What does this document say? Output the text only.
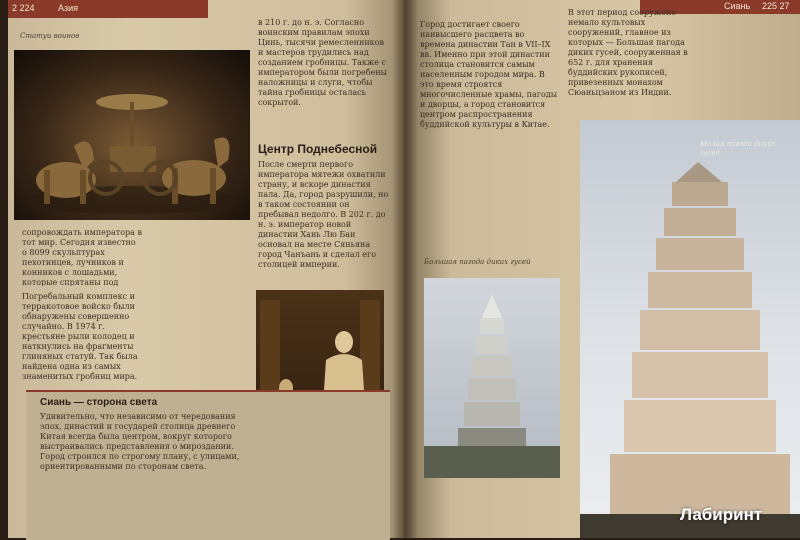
2 224	Азия	Сиань 225 27
Статуи воинов

сопровождать императора в тот мир. Сегодня известно о 8099 скульптурах пехотинцев, лучников и конников с лошадьми, которые спрятаны под

Погребальный комплекс и терракотовое войско были обнаружены совершенно случайно. В 1974 г. крестьяне рыли колодец и наткнулись на фрагменты глиняных статуй. Так была найдена одна из самых знаменитых гробниц мира.

в 210 г. до н. э. Согласно воинским правилам эпохи Цинь, тысячи ремесленников и мастеров трудились над созданием гробницы. Также с императором были погребены наложницы и слуги, чтобы тайна гробницы осталась сокрытой.

Центр Поднебесной

После смерти первого императора мятежи охватили страну, и вскоре династия пала. Да, город разрушили, но в таком состоянии он пребывал недолго. В 202 г. до н. э. император новой династии Хань Лю Бан основал на месте Сяньяна город Чанъань и сделал его столицей империи.

Сиань — сторона света

Удивительно, что независимо от чередования эпох, династий и государей столица древнего Китая всегда была центром, вокруг которого выстраивались представления о мироздании. Город строился по строгому плану, с улицами, ориентированными по сторонам света.

Город достигает своего наивысшего расцвета во времена династии Тан в VII–IX вв. Именно при этой династии столица становится самым населенным городом мира. В это время строятся многочисленные храмы, пагоды и дворцы, а город становится центром распространения буддийской культуры в Китае.

В этот период сооружено немало культовых сооружений, главное из которых — Большая пагода диких гусей, сооруженная в 652 г. для хранения буддийских рукописей, привезенных монахом Сюаньцзаном из Индии.

Большая пагода диких гусей
Малая пагода диких гусей
Лабиринт
